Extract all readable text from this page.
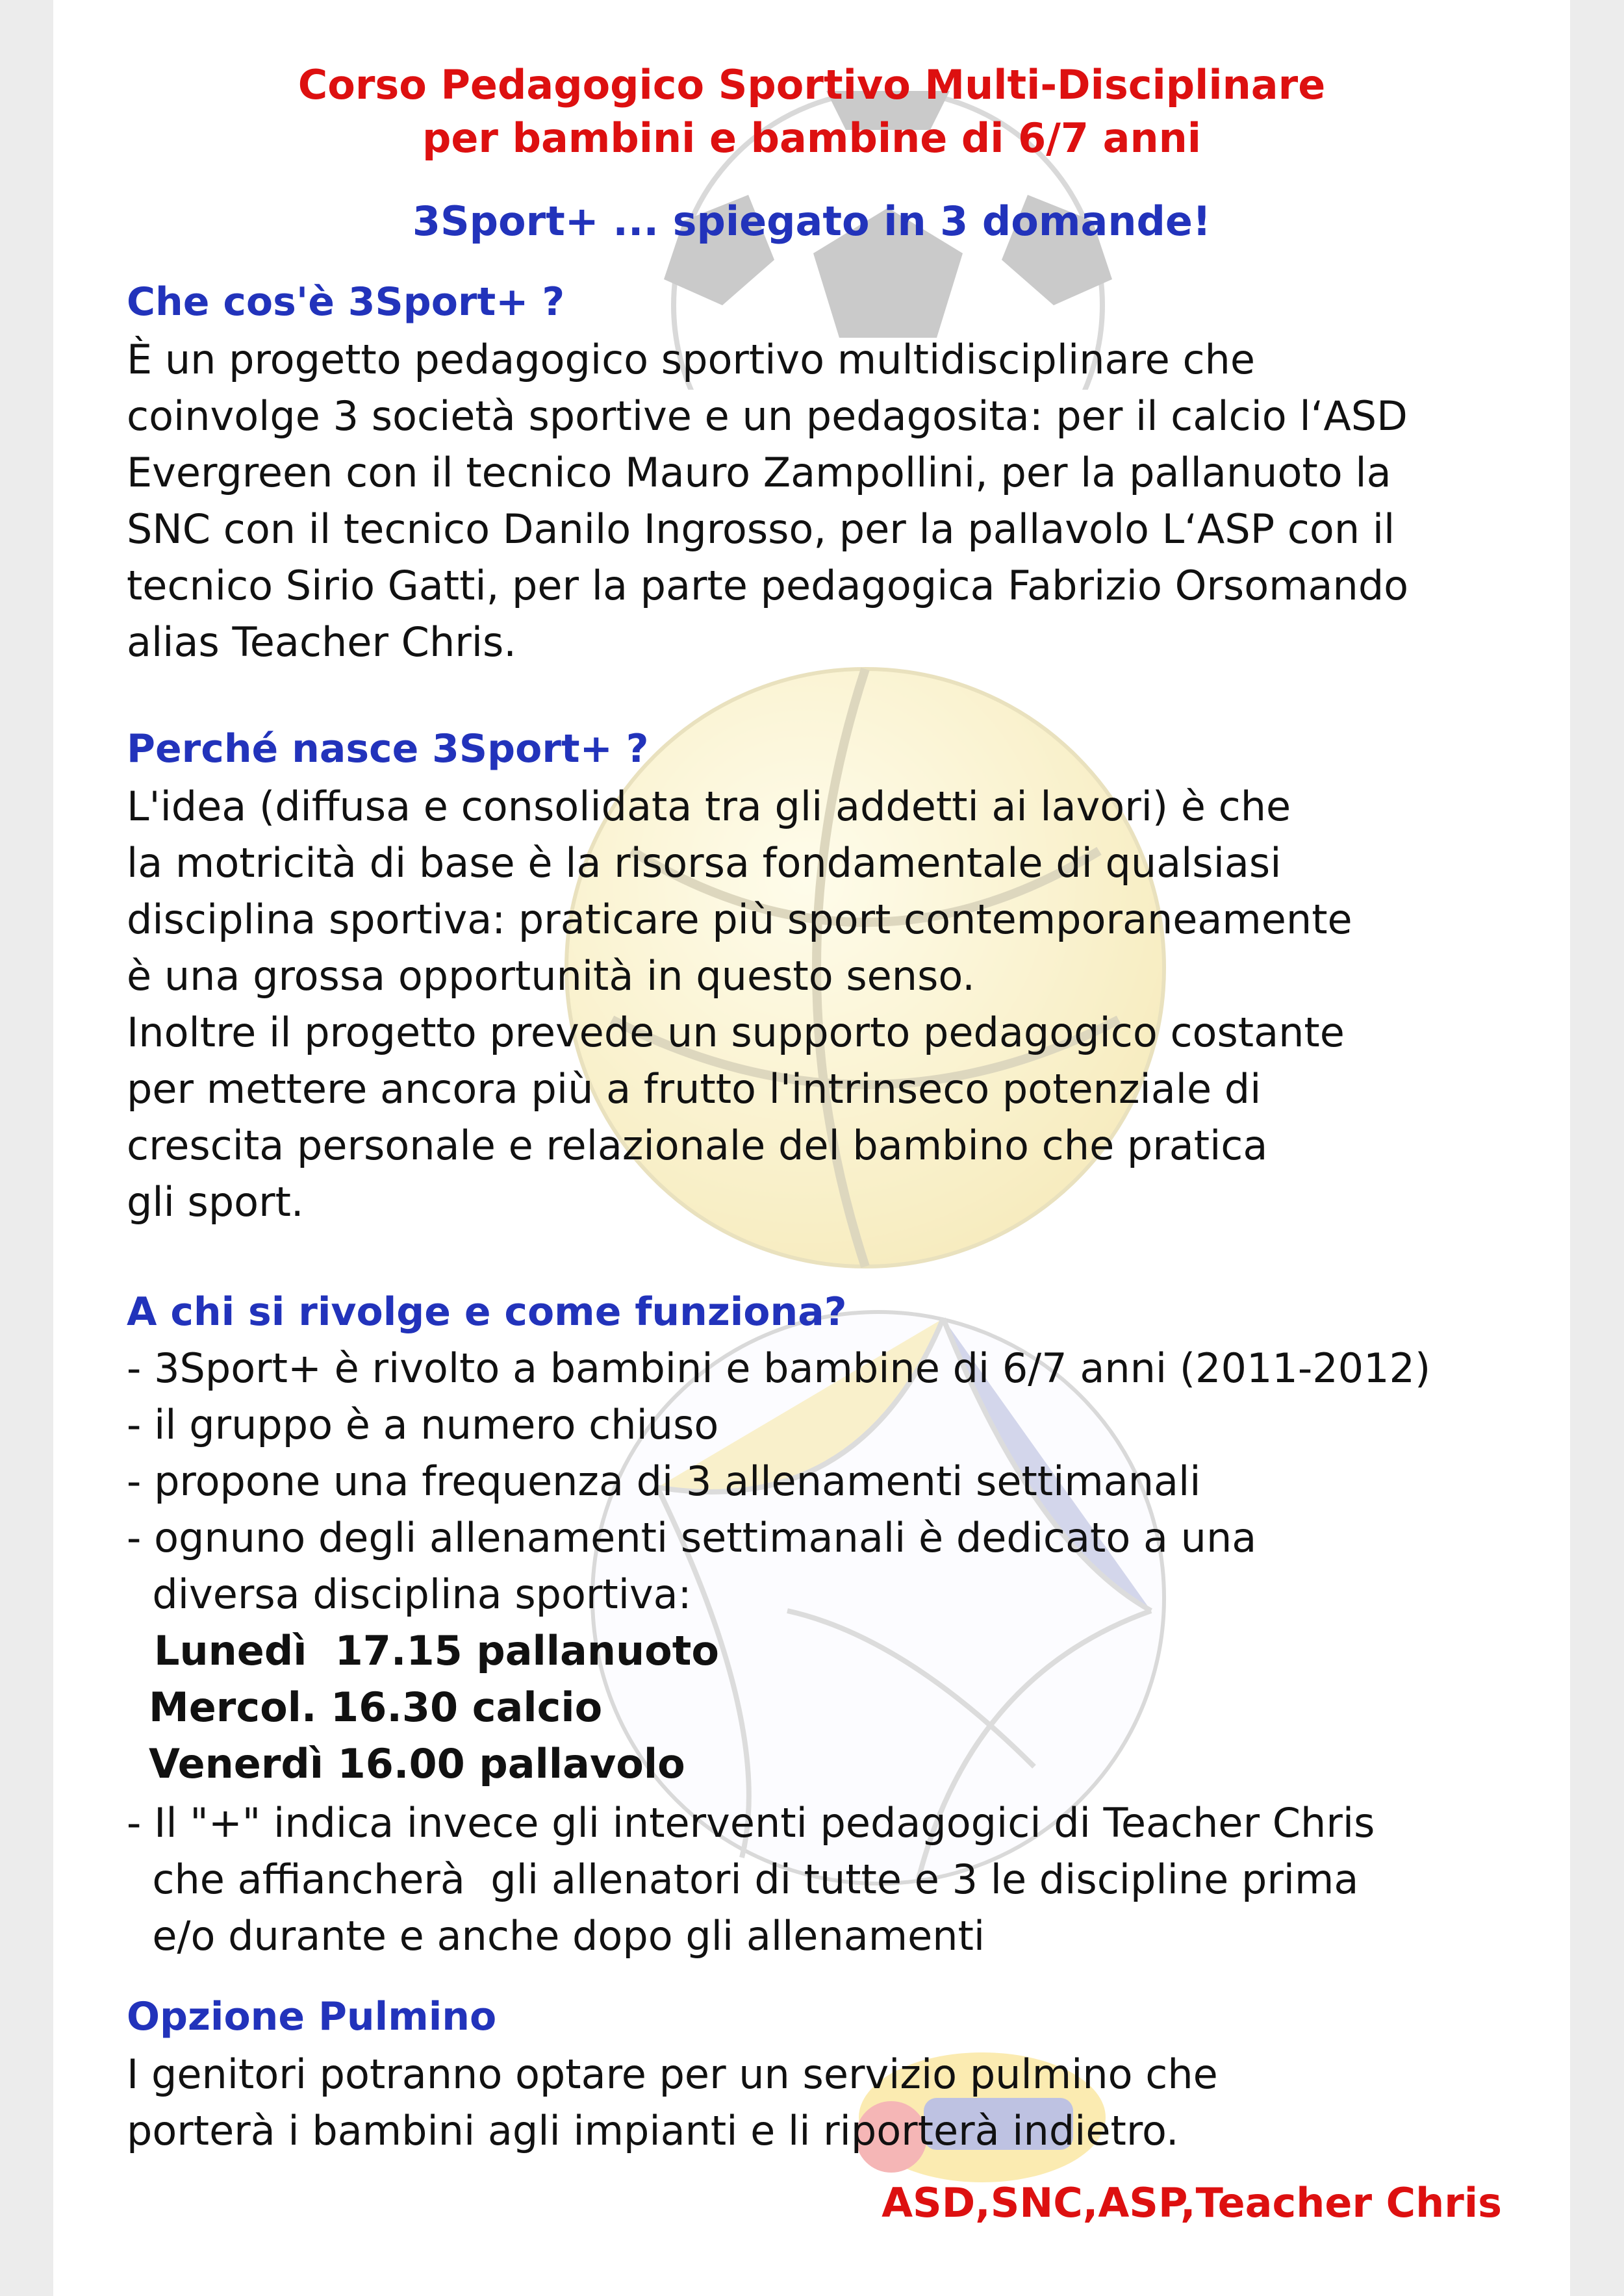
Corso Pedagogico Sportivo Multi-Disciplinare
per bambini e bambine di 6/7 anni
3Sport+ ... spiegato in 3 domande!
Che cos'è 3Sport+ ?
È un progetto pedagogico sportivo multidisciplinare che
coinvolge 3 società sportive e un pedagosita: per il calcio l‘ASD
Evergreen con il tecnico Mauro Zampollini, per la pallanuoto la
SNC con il tecnico Danilo Ingrosso, per la pallavolo L‘ASP con il
tecnico Sirio Gatti, per la parte pedagogica Fabrizio Orsomando
alias Teacher Chris.
Perché nasce 3Sport+ ?
L'idea (diffusa e consolidata tra gli addetti ai lavori) è che
la motricità di base è la risorsa fondamentale di qualsiasi
disciplina sportiva: praticare più sport contemporaneamente
è una grossa opportunità in questo senso.
Inoltre il progetto prevede un supporto pedagogico costante
per mettere ancora più a frutto l'intrinseco potenziale di
crescita personale e relazionale del bambino che pratica
gli sport.
A chi si rivolge e come funziona?
- 3Sport+ è rivolto a bambini e bambine di 6/7 anni (2011-2012)
- il gruppo è a numero chiuso
- propone una frequenza di 3 allenamenti settimanali
- ognuno degli allenamenti settimanali è dedicato a una
diversa disciplina sportiva:
Lunedì  17.15 pallanuoto
Mercol. 16.30 calcio
Venerdì 16.00 pallavolo
- Il "+" indica invece gli interventi pedagogici di Teacher Chris
che affiancherà  gli allenatori di tutte e 3 le discipline prima
e/o durante e anche dopo gli allenamenti
Opzione Pulmino
I genitori potranno optare per un servizio pulmino che
porterà i bambini agli impianti e li riporterà indietro.
ASD,SNC,ASP,Teacher Chris
